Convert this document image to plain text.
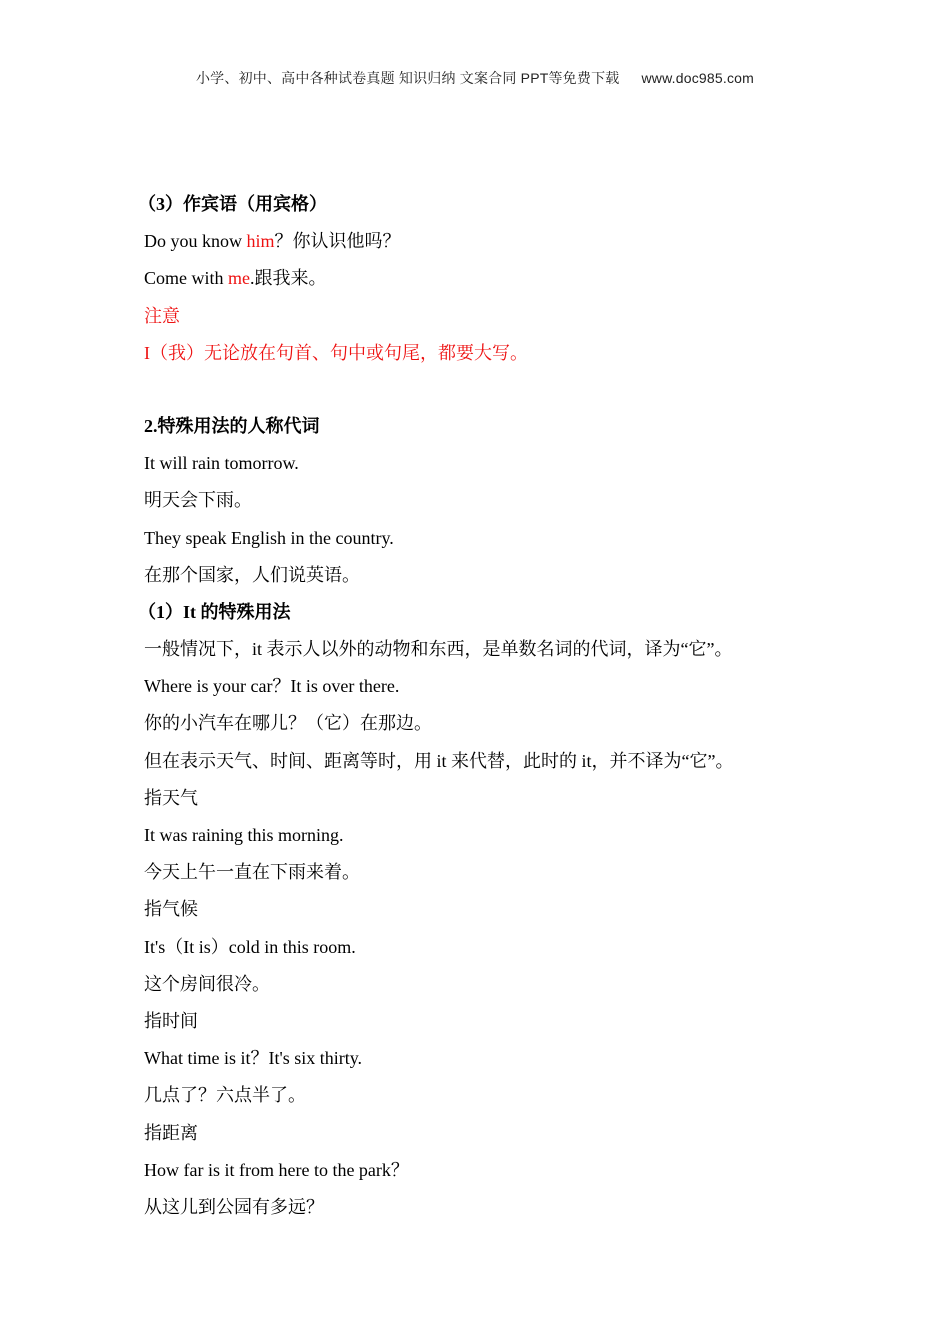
小学、初中、高中各种试卷真题 知识归纳 文案合同 PPT等免费下载 www.doc985.com
（3）作宾语（用宾格）
Do you know him？你认识他吗？
Come with me.跟我来。
注意
I（我）无论放在句首、句中或句尾，都要大写。
2.特殊用法的人称代词
It will rain tomorrow.
明天会下雨。
They speak English in the country.
在那个国家，人们说英语。
（1）It 的特殊用法
一般情况下，it 表示人以外的动物和东西，是单数名词的代词，译为“它”。
Where is your car？It is over there.
你的小汽车在哪儿？（它）在那边。
但在表示天气、时间、距离等时，用 it 来代替，此时的 it，并不译为“它”。
指天气
It was raining this morning.
今天上午一直在下雨来着。
指气候
It's（It is）cold in this room.
这个房间很冷。
指时间
What time is it？It's six thirty.
几点了？六点半了。
指距离
How far is it from here to the park？
从这儿到公园有多远？
